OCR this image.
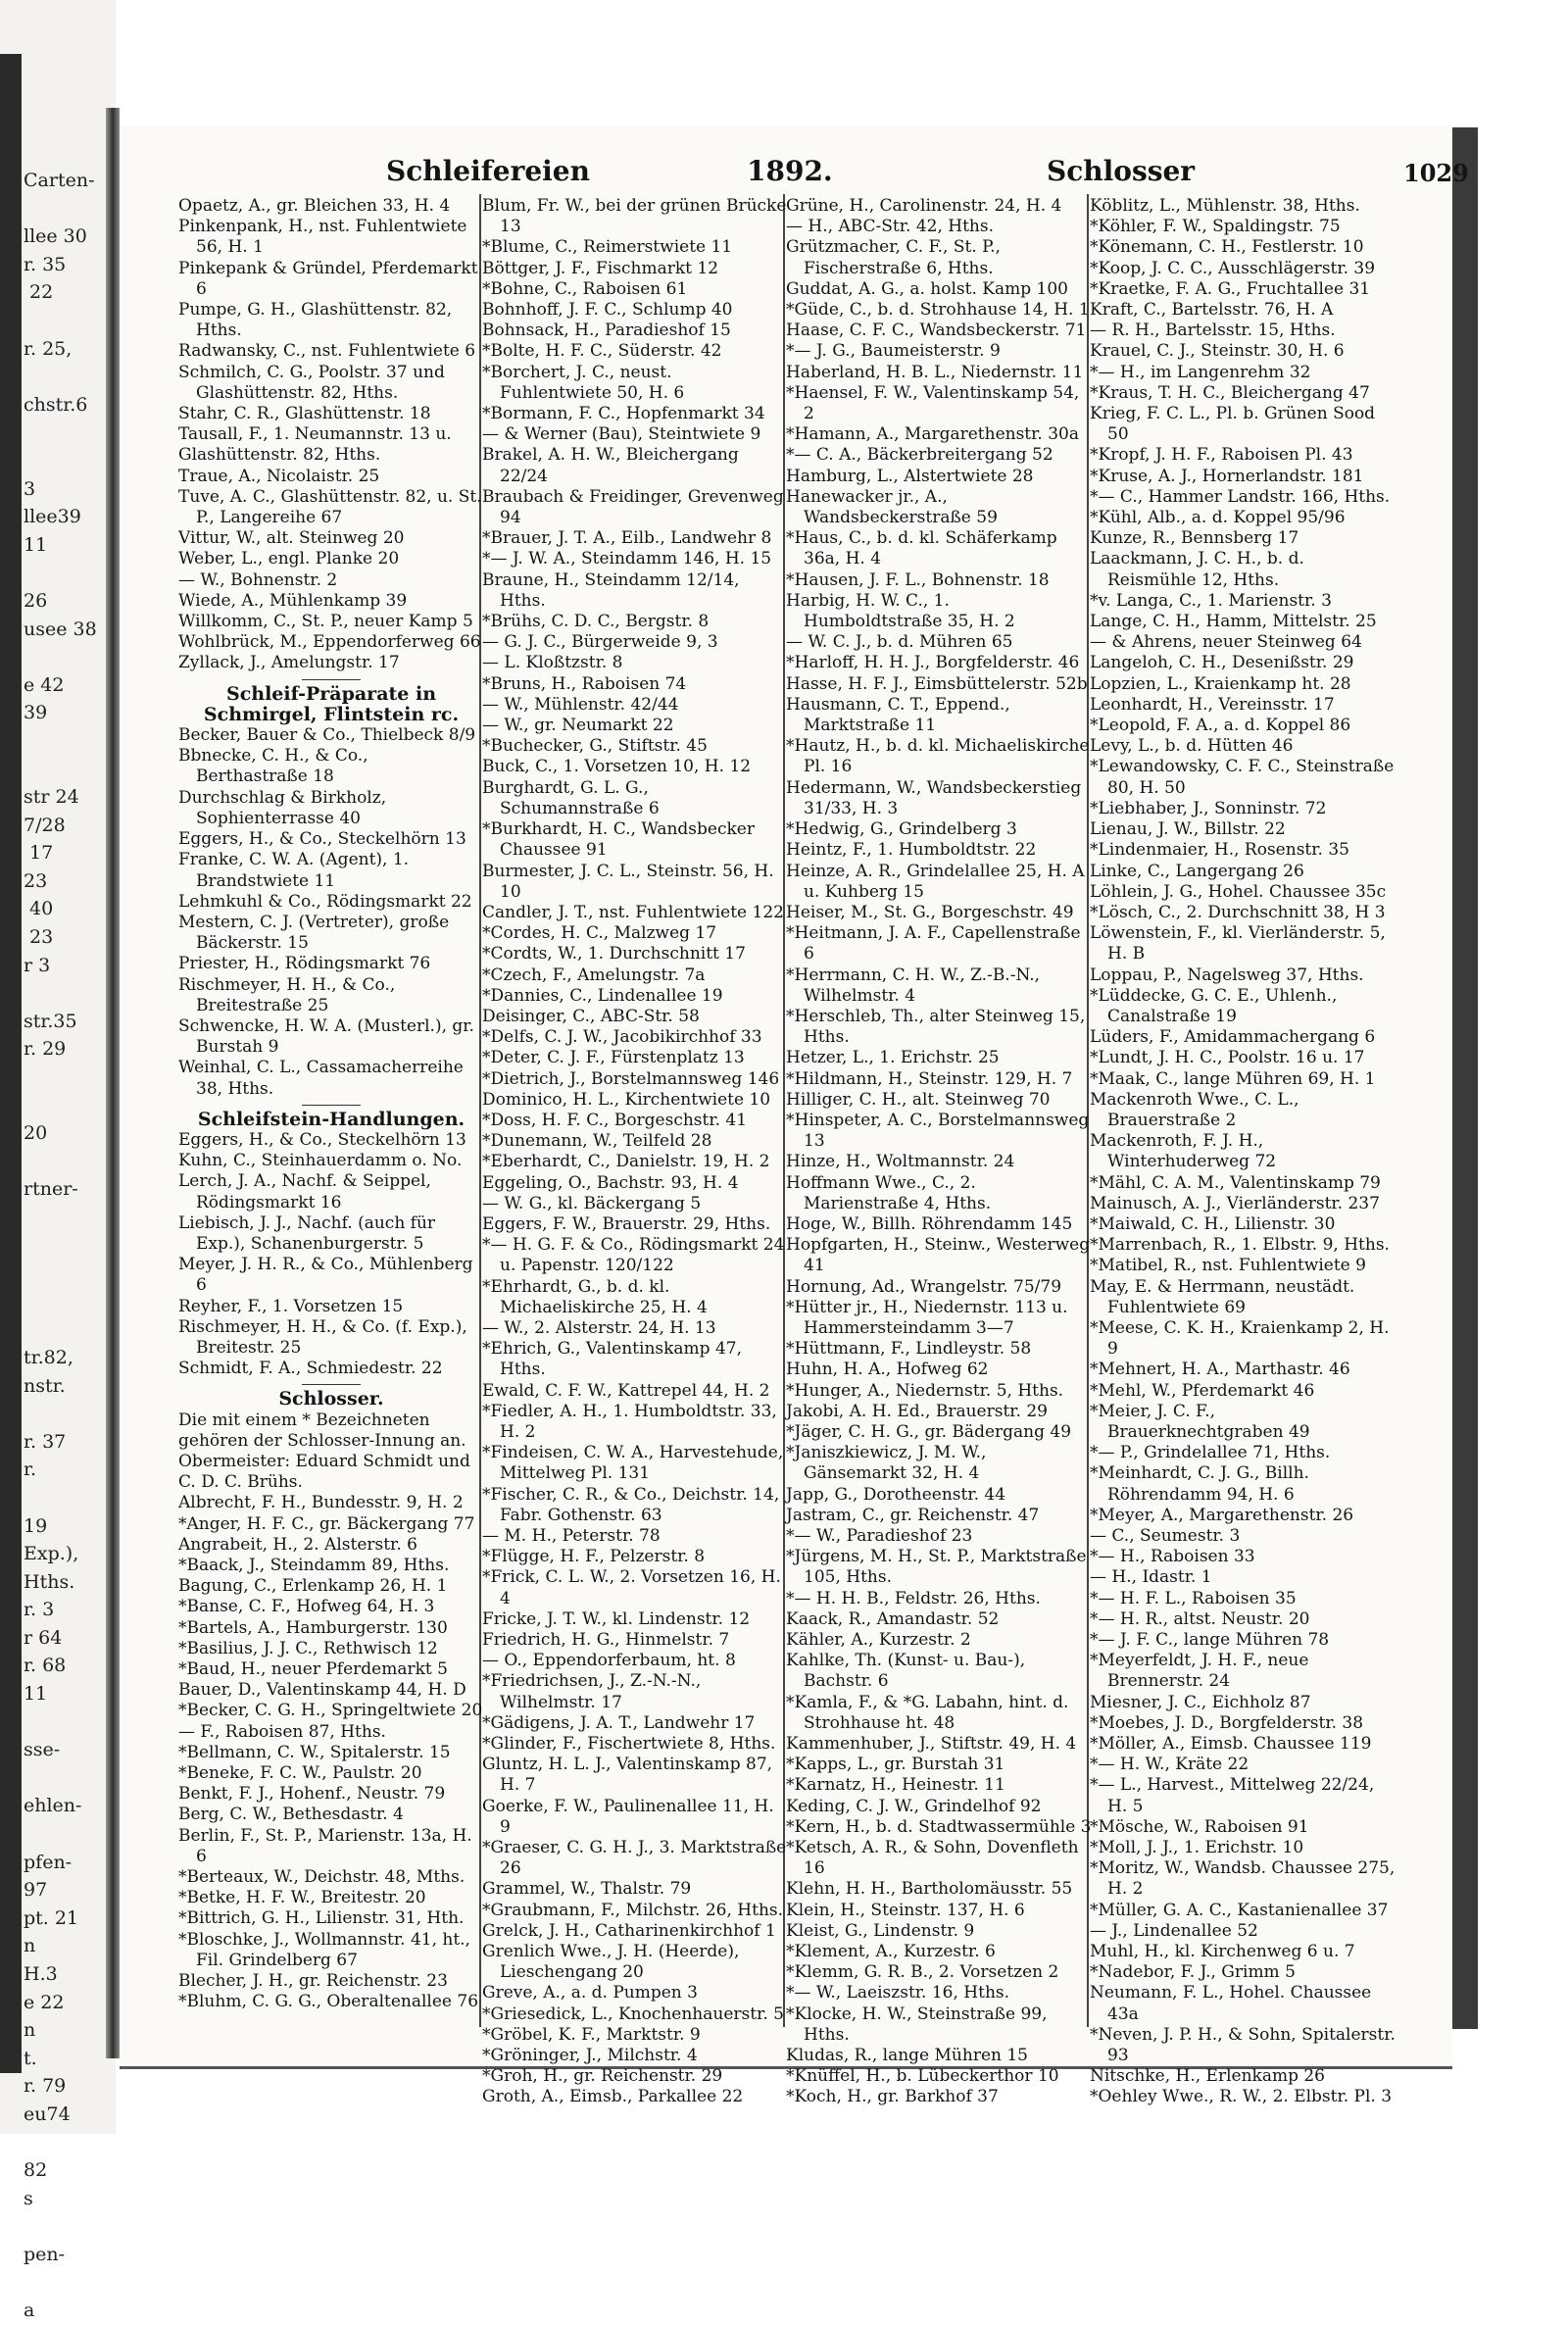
Carten-

llee 30
r. 35
22

r. 25,

chstr.6

3
llee39
11

26
usee 38

e 42
39

str 24
7/28
17
23
40
23
r 3

str.35
r. 29

20

rtner-

tr.82,
nstr.

r. 37
r.

19
Exp.),
Hths.
r. 3
r 64
r. 68
11

sse-

ehlen-

pfen-
97
pt. 21
n
H.3
e 22
n
t.
r. 79
eu74

82
s

pen-

a
Schleifereien	1892.	Schlosser	1029

Opaetz, A., gr. Bleichen 33, H. 4

Pinkenpank, H., nst. Fuhlentwiete 56, H. 1

Pinkepank & Gründel, Pferdemarkt 6

Pumpe, G. H., Glashüttenstr. 82, Hths.

Radwansky, C., nst. Fuhlentwiete 6

Schmilch, C. G., Poolstr. 37 und Glashüttenstr. 82, Hths.

Stahr, C. R., Glashüttenstr. 18

Tausall, F., 1. Neumannstr. 13 u.

Glashüttenstr. 82, Hths.

Traue, A., Nicolaistr. 25

Tuve, A. C., Glashüttenstr. 82, u. St. P., Langereihe 67

Vittur, W., alt. Steinweg 20

Weber, L., engl. Planke 20

— W., Bohnenstr. 2

Wiede, A., Mühlenkamp 39

Willkomm, C., St. P., neuer Kamp 5

Wohlbrück, M., Eppendorferweg 66

Zyllack, J., Amelungstr. 17

Schleif-Präparate in Schmirgel, Flintstein rc.

Becker, Bauer & Co., Thielbeck 8/9

Bbnecke, C. H., & Co., Berthastraße 18

Durchschlag & Birkholz, Sophienterrasse 40

Eggers, H., & Co., Steckelhörn 13

Franke, C. W. A. (Agent), 1. Brandstwiete 11

Lehmkuhl & Co., Rödingsmarkt 22

Mestern, C. J. (Vertreter), große Bäckerstr. 15

Priester, H., Rödingsmarkt 76

Rischmeyer, H. H., & Co., Breitestraße 25

Schwencke, H. W. A. (Musterl.), gr. Burstah 9

Weinhal, C. L., Cassamacherreihe 38, Hths.

Schleifstein-Handlungen.

Eggers, H., & Co., Steckelhörn 13

Kuhn, C., Steinhauerdamm o. No.

Lerch, J. A., Nachf. & Seippel, Rödingsmarkt 16

Liebisch, J. J., Nachf. (auch für Exp.), Schanenburgerstr. 5

Meyer, J. H. R., & Co., Mühlenberg 6

Reyher, F., 1. Vorsetzen 15

Rischmeyer, H. H., & Co. (f. Exp.), Breitestr. 25

Schmidt, F. A., Schmiedestr. 22

Schlosser.

Die mit einem * Bezeichneten gehören der Schlosser-Innung an. Obermeister: Eduard Schmidt und C. D. C. Brühs.

Albrecht, F. H., Bundesstr. 9, H. 2

*Anger, H. F. C., gr. Bäckergang 77

Angrabeit, H., 2. Alsterstr. 6

*Baack, J., Steindamm 89, Hths.

Bagung, C., Erlenkamp 26, H. 1

*Banse, C. F., Hofweg 64, H. 3

*Bartels, A., Hamburgerstr. 130

*Basilius, J. J. C., Rethwisch 12

*Baud, H., neuer Pferdemarkt 5

Bauer, D., Valentinskamp 44, H. D

*Becker, C. G. H., Springeltwiete 20

— F., Raboisen 87, Hths.

*Bellmann, C. W., Spitalerstr. 15

*Beneke, F. C. W., Paulstr. 20

Benkt, F. J., Hohenf., Neustr. 79

Berg, C. W., Bethesdastr. 4

Berlin, F., St. P., Marienstr. 13a, H. 6

*Berteaux, W., Deichstr. 48, Mths.

*Betke, H. F. W., Breitestr. 20

*Bittrich, G. H., Lilienstr. 31, Hth.

*Bloschke, J., Wollmannstr. 41, ht., Fil. Grindelberg 67

Blecher, J. H., gr. Reichenstr. 23

*Bluhm, C. G. G., Oberaltenallee 76

Blum, Fr. W., bei der grünen Brücke 13

*Blume, C., Reimerstwiete 11

Böttger, J. F., Fischmarkt 12

*Bohne, C., Raboisen 61

Bohnhoff, J. F. C., Schlump 40

Bohnsack, H., Paradieshof 15

*Bolte, H. F. C., Süderstr. 42

*Borchert, J. C., neust. Fuhlentwiete 50, H. 6

*Bormann, F. C., Hopfenmarkt 34

— & Werner (Bau), Steintwiete 9

Brakel, A. H. W., Bleichergang 22/24

Braubach & Freidinger, Grevenweg 94

*Brauer, J. T. A., Eilb., Landwehr 8

*— J. W. A., Steindamm 146, H. 15

Braune, H., Steindamm 12/14, Hths.

*Brühs, C. D. C., Bergstr. 8

— G. J. C., Bürgerweide 9, 3

— L. Kloßtzstr. 8

*Bruns, H., Raboisen 74

— W., Mühlenstr. 42/44

— W., gr. Neumarkt 22

*Buchecker, G., Stiftstr. 45

Buck, C., 1. Vorsetzen 10, H. 12

Burghardt, G. L. G., Schumannstraße 6

*Burkhardt, H. C., Wandsbecker Chaussee 91

Burmester, J. C. L., Steinstr. 56, H. 10

Candler, J. T., nst. Fuhlentwiete 122

*Cordes, H. C., Malzweg 17

*Cordts, W., 1. Durchschnitt 17

*Czech, F., Amelungstr. 7a

*Dannies, C., Lindenallee 19

Deisinger, C., ABC-Str. 58

*Delfs, C. J. W., Jacobikirchhof 33

*Deter, C. J. F., Fürstenplatz 13

*Dietrich, J., Borstelmannsweg 146

Dominico, H. L., Kirchentwiete 10

*Doss, H. F. C., Borgeschstr. 41

*Dunemann, W., Teilfeld 28

*Eberhardt, C., Danielstr. 19, H. 2

Eggeling, O., Bachstr. 93, H. 4

— W. G., kl. Bäckergang 5

Eggers, F. W., Brauerstr. 29, Hths.

*— H. G. F. & Co., Rödingsmarkt 24 u. Papenstr. 120/122

*Ehrhardt, G., b. d. kl. Michaeliskirche 25, H. 4

— W., 2. Alsterstr. 24, H. 13

*Ehrich, G., Valentinskamp 47, Hths.

Ewald, C. F. W., Kattrepel 44, H. 2

*Fiedler, A. H., 1. Humboldtstr. 33, H. 2

*Findeisen, C. W. A., Harvestehude, Mittelweg Pl. 131

*Fischer, C. R., & Co., Deichstr. 14, Fabr. Gothenstr. 63

— M. H., Peterstr. 78

*Flügge, H. F., Pelzerstr. 8

*Frick, C. L. W., 2. Vorsetzen 16, H. 4

Fricke, J. T. W., kl. Lindenstr. 12

Friedrich, H. G., Hinmelstr. 7

— O., Eppendorferbaum, ht. 8

*Friedrichsen, J., Z.-N.-N., Wilhelmstr. 17

*Gädigens, J. A. T., Landwehr 17

*Glinder, F., Fischertwiete 8, Hths.

Gluntz, H. L. J., Valentinskamp 87, H. 7

Goerke, F. W., Paulinenallee 11, H. 9

*Graeser, C. G. H. J., 3. Marktstraße 26

Grammel, W., Thalstr. 79

*Graubmann, F., Milchstr. 26, Hths.

Grelck, J. H., Catharinenkirchhof 1

Grenlich Wwe., J. H. (Heerde), Lieschengang 20

Greve, A., a. d. Pumpen 3

*Griesedick, L., Knochenhauerstr. 5

*Gröbel, K. F., Marktstr. 9

*Gröninger, J., Milchstr. 4

*Groh, H., gr. Reichenstr. 29

Groth, A., Eimsb., Parkallee 22

Grüne, H., Carolinenstr. 24, H. 4

— H., ABC-Str. 42, Hths.

Grützmacher, C. F., St. P., Fischerstraße 6, Hths.

Guddat, A. G., a. holst. Kamp 100

*Güde, C., b. d. Strohhause 14, H. 1

Haase, C. F. C., Wandsbeckerstr. 71

*— J. G., Baumeisterstr. 9

Haberland, H. B. L., Niedernstr. 11

*Haensel, F. W., Valentinskamp 54, 2

*Hamann, A., Margarethenstr. 30a

*— C. A., Bäckerbreitergang 52

Hamburg, L., Alstertwiete 28

Hanewacker jr., A., Wandsbeckerstraße 59

*Haus, C., b. d. kl. Schäferkamp 36a, H. 4

*Hausen, J. F. L., Bohnenstr. 18

Harbig, H. W. C., 1. Humboldtstraße 35, H. 2

— W. C. J., b. d. Mühren 65

*Harloff, H. H. J., Borgfelderstr. 46

Hasse, H. F. J., Eimsbüttelerstr. 52b

Hausmann, C. T., Eppend., Marktstraße 11

*Hautz, H., b. d. kl. Michaeliskirche Pl. 16

Hedermann, W., Wandsbeckerstieg 31/33, H. 3

*Hedwig, G., Grindelberg 3

Heintz, F., 1. Humboldtstr. 22

Heinze, A. R., Grindelallee 25, H. A u. Kuhberg 15

Heiser, M., St. G., Borgeschstr. 49

*Heitmann, J. A. F., Capellenstraße 6

*Herrmann, C. H. W., Z.-B.-N., Wilhelmstr. 4

*Herschleb, Th., alter Steinweg 15, Hths.

Hetzer, L., 1. Erichstr. 25

*Hildmann, H., Steinstr. 129, H. 7

Hilliger, C. H., alt. Steinweg 70

*Hinspeter, A. C., Borstelmannsweg 13

Hinze, H., Woltmannstr. 24

Hoffmann Wwe., C., 2. Marienstraße 4, Hths.

Hoge, W., Billh. Röhrendamm 145

Hopfgarten, H., Steinw., Westerweg 41

Hornung, Ad., Wrangelstr. 75/79

*Hütter jr., H., Niedernstr. 113 u. Hammersteindamm 3—7

*Hüttmann, F., Lindleystr. 58

Huhn, H. A., Hofweg 62

*Hunger, A., Niedernstr. 5, Hths.

Jakobi, A. H. Ed., Brauerstr. 29

*Jäger, C. H. G., gr. Bädergang 49

*Janiszkiewicz, J. M. W., Gänsemarkt 32, H. 4

Japp, G., Dorotheenstr. 44

Jastram, C., gr. Reichenstr. 47

*— W., Paradieshof 23

*Jürgens, M. H., St. P., Marktstraße 105, Hths.

*— H. H. B., Feldstr. 26, Hths.

Kaack, R., Amandastr. 52

Kähler, A., Kurzestr. 2

Kahlke, Th. (Kunst- u. Bau-), Bachstr. 6

*Kamla, F., & *G. Labahn, hint. d. Strohhause ht. 48

Kammenhuber, J., Stiftstr. 49, H. 4

*Kapps, L., gr. Burstah 31

*Karnatz, H., Heinestr. 11

Keding, C. J. W., Grindelhof 92

*Kern, H., b. d. Stadtwassermühle 3

*Ketsch, A. R., & Sohn, Dovenfleth 16

Klehn, H. H., Bartholomäusstr. 55

Klein, H., Steinstr. 137, H. 6

Kleist, G., Lindenstr. 9

*Klement, A., Kurzestr. 6

*Klemm, G. R. B., 2. Vorsetzen 2

*— W., Laeiszstr. 16, Hths.

*Klocke, H. W., Steinstraße 99, Hths.

Kludas, R., lange Mühren 15

*Knüffel, H., b. Lübeckerthor 10

*Koch, H., gr. Barkhof 37

Köblitz, L., Mühlenstr. 38, Hths.

*Köhler, F. W., Spaldingstr. 75

*Könemann, C. H., Festlerstr. 10

*Koop, J. C. C., Ausschlägerstr. 39

*Kraetke, F. A. G., Fruchtallee 31

Kraft, C., Bartelsstr. 76, H. A

— R. H., Bartelsstr. 15, Hths.

Krauel, C. J., Steinstr. 30, H. 6

*— H., im Langenrehm 32

*Kraus, T. H. C., Bleichergang 47

Krieg, F. C. L., Pl. b. Grünen Sood 50

*Kropf, J. H. F., Raboisen Pl. 43

*Kruse, A. J., Hornerlandstr. 181

*— C., Hammer Landstr. 166, Hths.

*Kühl, Alb., a. d. Koppel 95/96

Kunze, R., Bennsberg 17

Laackmann, J. C. H., b. d. Reismühle 12, Hths.

*v. Langa, C., 1. Marienstr. 3

Lange, C. H., Hamm, Mittelstr. 25

— & Ahrens, neuer Steinweg 64

Langeloh, C. H., Desenißstr. 29

Lopzien, L., Kraienkamp ht. 28

Leonhardt, H., Vereinsstr. 17

*Leopold, F. A., a. d. Koppel 86

Levy, L., b. d. Hütten 46

*Lewandowsky, C. F. C., Steinstraße 80, H. 50

*Liebhaber, J., Sonninstr. 72

Lienau, J. W., Billstr. 22

*Lindenmaier, H., Rosenstr. 35

Linke, C., Langergang 26

Löhlein, J. G., Hohel. Chaussee 35c

*Lösch, C., 2. Durchschnitt 38, H 3

Löwenstein, F., kl. Vierländerstr. 5, H. B

Loppau, P., Nagelsweg 37, Hths.

*Lüddecke, G. C. E., Uhlenh., Canalstraße 19

Lüders, F., Amidammachergang 6

*Lundt, J. H. C., Poolstr. 16 u. 17

*Maak, C., lange Mühren 69, H. 1

Mackenroth Wwe., C. L., Brauerstraße 2

Mackenroth, F. J. H., Winterhuderweg 72

*Mähl, C. A. M., Valentinskamp 79

Mainusch, A. J., Vierländerstr. 237

*Maiwald, C. H., Lilienstr. 30

*Marrenbach, R., 1. Elbstr. 9, Hths.

*Matibel, R., nst. Fuhlentwiete 9

May, E. & Herrmann, neustädt. Fuhlentwiete 69

*Meese, C. K. H., Kraienkamp 2, H. 9

*Mehnert, H. A., Marthastr. 46

*Mehl, W., Pferdemarkt 46

*Meier, J. C. F., Brauerknechtgraben 49

*— P., Grindelallee 71, Hths.

*Meinhardt, C. J. G., Billh. Röhrendamm 94, H. 6

*Meyer, A., Margarethenstr. 26

— C., Seumestr. 3

*— H., Raboisen 33

— H., Idastr. 1

*— H. F. L., Raboisen 35

*— H. R., altst. Neustr. 20

*— J. F. C., lange Mühren 78

*Meyerfeldt, J. H. F., neue Brennerstr. 24

Miesner, J. C., Eichholz 87

*Moebes, J. D., Borgfelderstr. 38

*Möller, A., Eimsb. Chaussee 119

*— H. W., Kräte 22

*— L., Harvest., Mittelweg 22/24, H. 5

*Mösche, W., Raboisen 91

*Moll, J. J., 1. Erichstr. 10

*Moritz, W., Wandsb. Chaussee 275, H. 2

*Müller, G. A. C., Kastanienallee 37

— J., Lindenallee 52

Muhl, H., kl. Kirchenweg 6 u. 7

*Nadebor, F. J., Grimm 5

Neumann, F. L., Hohel. Chaussee 43a

*Neven, J. P. H., & Sohn, Spitalerstr. 93

Nitschke, H., Erlenkamp 26

*Oehley Wwe., R. W., 2. Elbstr. Pl. 3
